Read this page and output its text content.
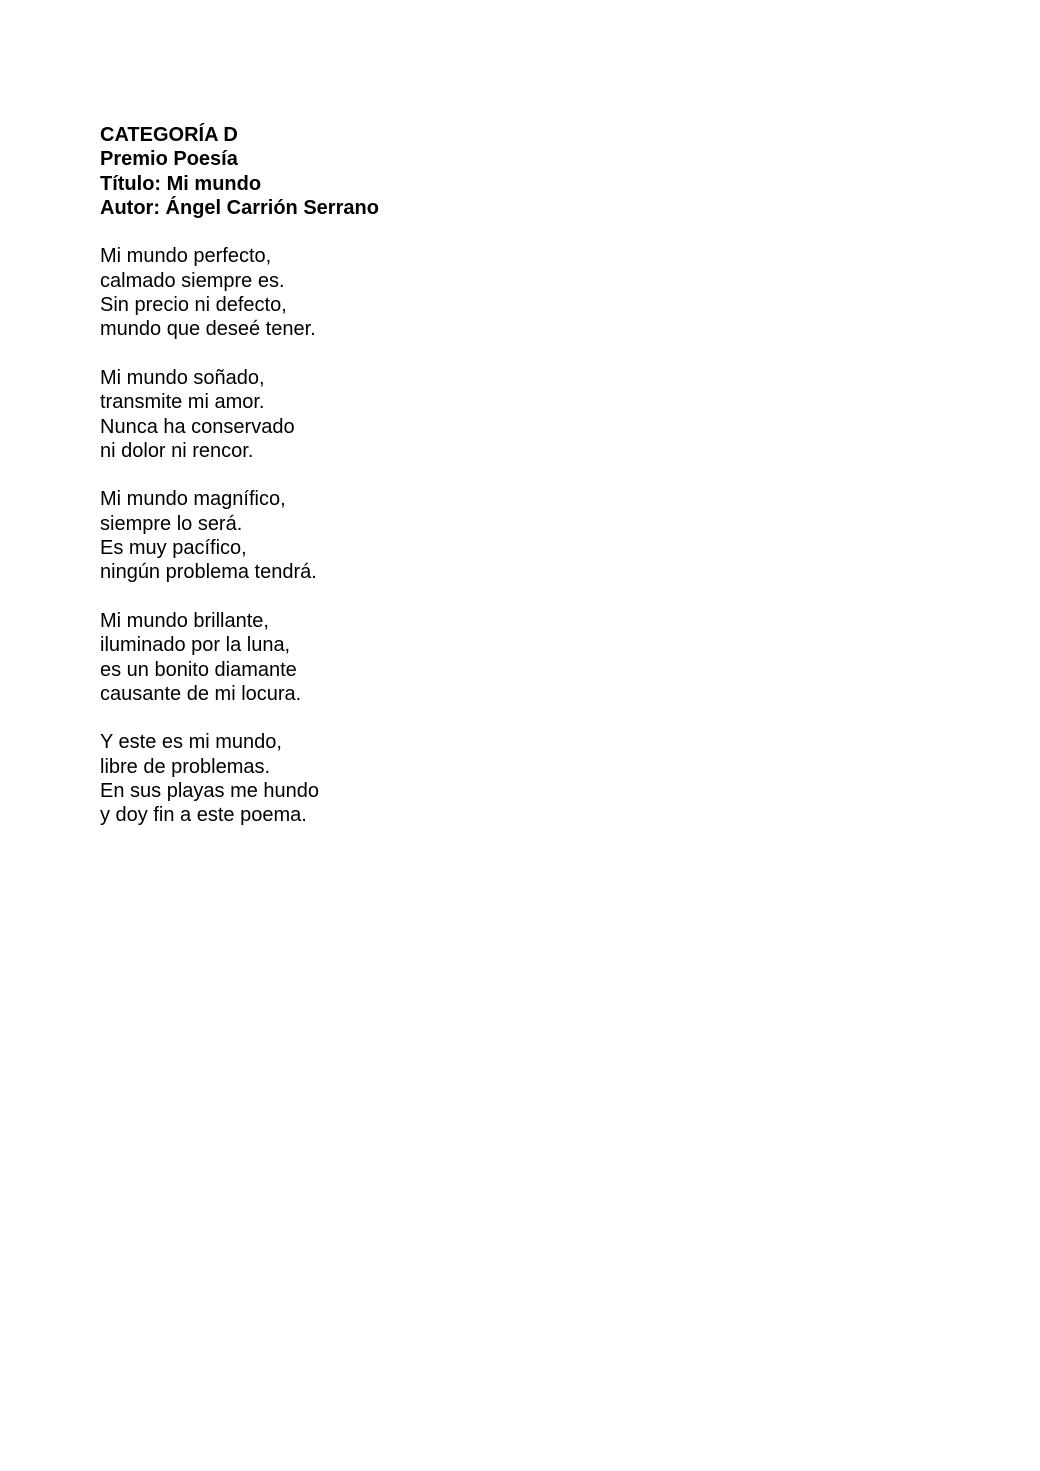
CATEGORÍA D
Premio Poesía
Título: Mi mundo
Autor: Ángel Carrión Serrano
Mi mundo perfecto,
calmado siempre es.
Sin precio ni defecto,
mundo que deseé tener.
Mi mundo soñado,
transmite mi amor.
Nunca ha conservado
ni dolor ni rencor.
Mi mundo magnífico,
siempre lo será.
Es muy pacífico,
ningún problema tendrá.
Mi mundo brillante,
iluminado por la luna,
es un bonito diamante
causante de mi locura.
Y este es mi mundo,
libre de problemas.
En sus playas me hundo
y doy fin a este poema.
